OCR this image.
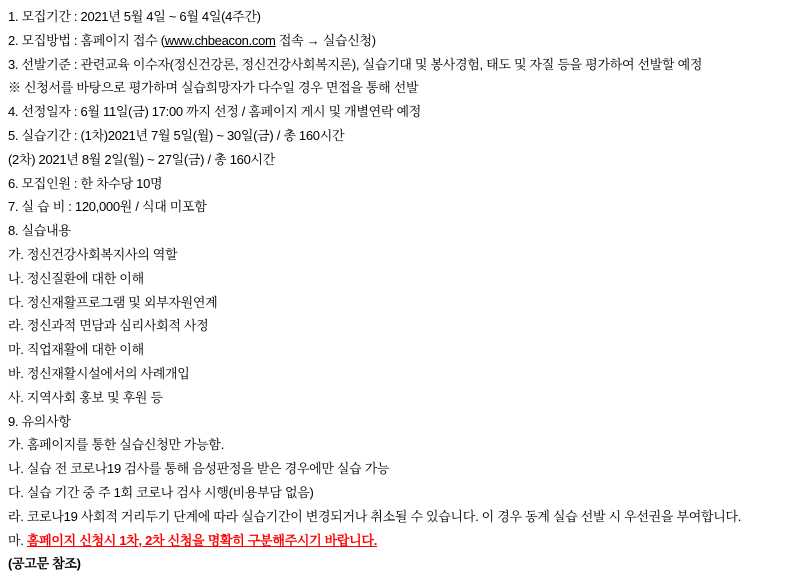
1. 모집기간 : 2021년 5월 4일 ~ 6월 4일(4주간)
2. 모집방법 : 홈페이지 접수 (www.chbeacon.com 접속 → 실습신청)
3. 선발기준 : 관련교육 이수자(정신건강론, 정신건강사회복지론), 실습기대 및 봉사경험, 태도 및 자질 등을 평가하여 선발할 예정
※ 신청서를 바탕으로 평가하며 실습희망자가 다수일 경우 면접을 통해 선발
4. 선정일자 : 6월 11일(금) 17:00 까지 선정 / 홈페이지 게시 및 개별연락 예정
5. 실습기간 : (1차)2021년 7월 5일(월) ~ 30일(금) / 총 160시간
(2차) 2021년 8월 2일(월) ~ 27일(금) / 총 160시간
6. 모집인원 : 한 차수당 10명
7. 실 습 비 : 120,000원 / 식대 미포함
8. 실습내용
가. 정신건강사회복지사의 역할
나. 정신질환에 대한 이해
다. 정신재활프로그램 및 외부자원연계
라. 정신과적 면담과 심리사회적 사정
마. 직업재활에 대한 이해
바. 정신재활시설에서의 사례개입
사. 지역사회 홍보 및 후원 등
9. 유의사항
가. 홈페이지를 통한 실습신청만 가능함.
나. 실습 전 코로나19 검사를 통해 음성판정을 받은 경우에만 실습 가능
다. 실습 기간 중 주 1회 코로나 검사 시행(비용부담 없음)
라. 코로나19 사회적 거리두기 단계에 따라 실습기간이 변경되거나 취소될 수 있습니다. 이 경우 동계 실습 선발 시 우선권을 부여합니다.
마. 홈페이지 신청시 1차, 2차 신청을 명확히 구분해주시기 바랍니다.
(공고문 참조)
